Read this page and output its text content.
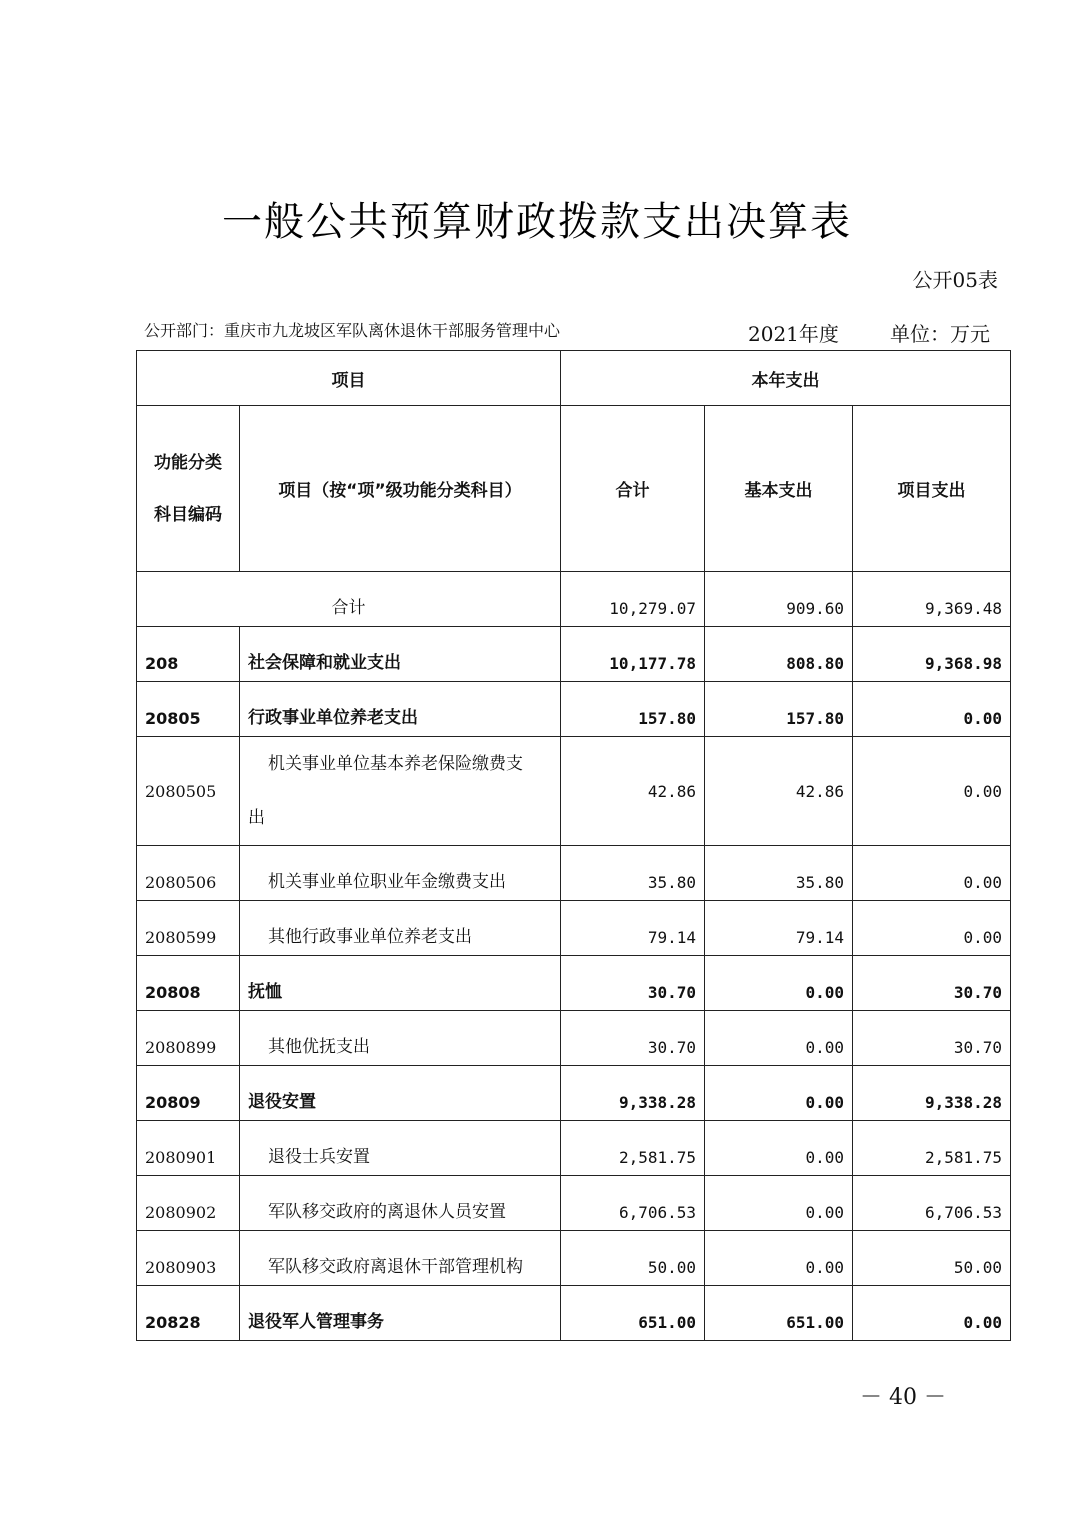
一般公共预算财政拨款支出决算表
公开05表
公开部门：重庆市九龙坡区军队离休退休干部服务管理中心	2021年度	单位：万元
项目		本年支出		
功能分类
科目编码	项目（按“项”级功能分类科目）	合计	基本支出	项目支出
合计		10,279.07	909.60	9,369.48
208	社会保障和就业支出	10,177.78	808.80	9,368.98
20805	行政事业单位养老支出	157.80	157.80	0.00
2080505	机关事业单位基本养老保险缴费支
出	42.86	42.86	0.00
2080506	机关事业单位职业年金缴费支出	35.80	35.80	0.00
2080599	其他行政事业单位养老支出	79.14	79.14	0.00
20808	抚恤	30.70	0.00	30.70
2080899	其他优抚支出	30.70	0.00	30.70
20809	退役安置	9,338.28	0.00	9,338.28
2080901	退役士兵安置	2,581.75	0.00	2,581.75
2080902	军队移交政府的离退休人员安置	6,706.53	0.00	6,706.53
2080903	军队移交政府离退休干部管理机构	50.00	0.00	50.00
20828	退役军人管理事务	651.00	651.00	0.00
－ 40 －
